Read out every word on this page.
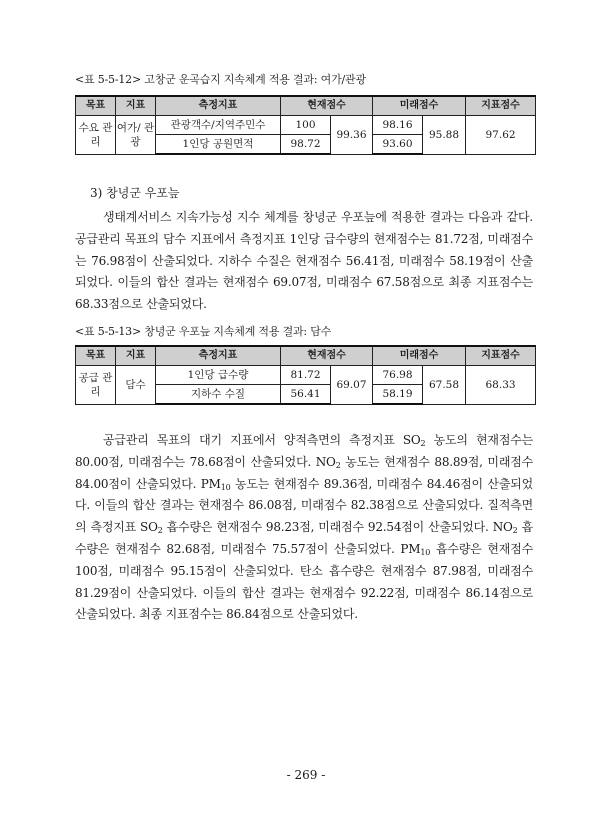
<표 5-5-12> 고창군 운곡습지 지속체계 적용 결과: 여가/관광
목표	지표	측정지표	현재점수		미래점수		지표점수
수요 관리	여가/ 관광	관광객수/지역주민수	100	99.36	98.16	95.88	97.62
		1인당 공원면적	98.72		93.60		
3) 창녕군 우포늪

생태계서비스 지속가능성 지수 체계를 창녕군 우포늪에 적용한 결과는 다음과 같다. 공급관리 목표의 담수 지표에서 측정지표 1인당 급수량의 현재점수는 81.72점, 미래점수는 76.98점이 산출되었다. 지하수 수질은 현재점수 56.41점, 미래점수 58.19점이 산출되었다. 이들의 합산 결과는 현재점수 69.07점, 미래점수 67.58점으로 최종 지표점수는 68.33점으로 산출되었다.

<표 5-5-13> 창녕군 우포늪 지속체계 적용 결과: 담수
목표	지표	측정지표	현재점수		미래점수		지표점수
공급 관리	담수	1인당 급수량	81.72	69.07	76.98	67.58	68.33
		지하수 수질	56.41		58.19		

공급관리 목표의 대기 지표에서 양적측면의 측정지표 $SO_2$ 농도의 현재점수는 80.00점, 미래점수는 78.68점이 산출되었다. $NO_2$ 농도는 현재점수 88.89점, 미래점수 84.00점이 산출되었다. $PM_{10}$ 농도는 현재점수 89.36점, 미래점수 84.46점이 산출되었다. 이들의 합산 결과는 현재점수 86.08점, 미래점수 82.38점으로 산출되었다. 질적측면의 측정지표 $SO_2$ 흡수량은 현재점수 98.23점, 미래점수 92.54점이 산출되었다. $NO_2$ 흡수량은 현재점수 82.68점, 미래점수 75.57점이 산출되었다. $PM_{10}$ 흡수량은 현재점수 100점, 미래점수 95.15점이 산출되었다. 탄소 흡수량은 현재점수 87.98점, 미래점수 81.29점이 산출되었다. 이들의 합산 결과는 현재점수 92.22점, 미래점수 86.14점으로 산출되었다. 최종 지표점수는 86.84점으로 산출되었다.

- 269 -
